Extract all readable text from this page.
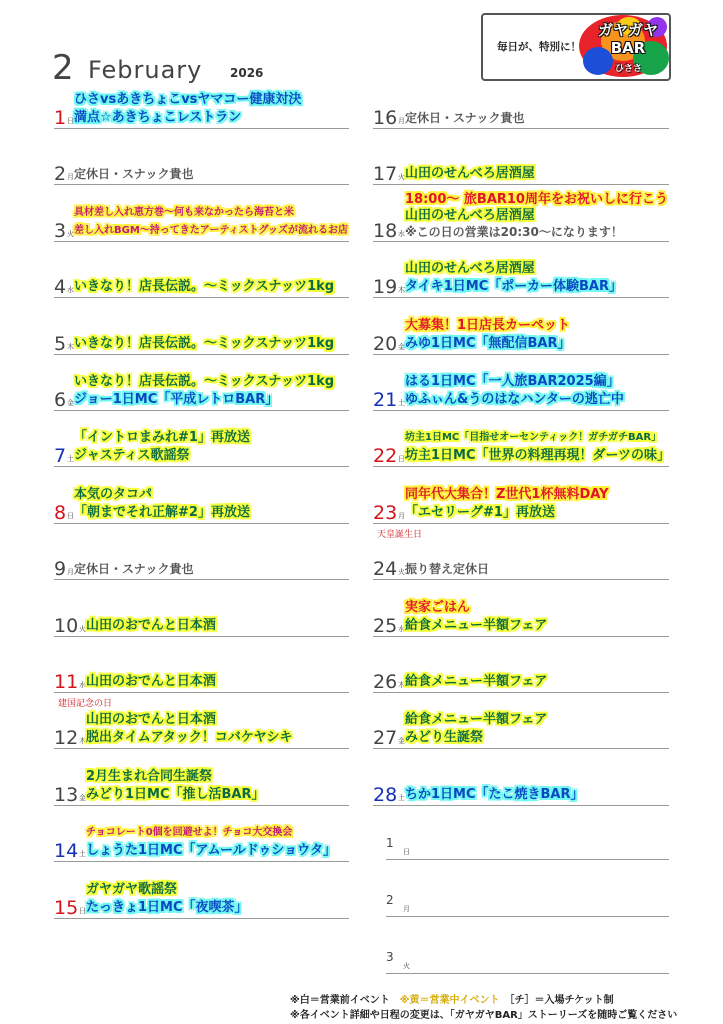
2 February 2026
毎日が、特別に！
ガヤガヤ
BAR
ひささ
1 日
ひさvsあきちょこvsヤマコー健康対決
満点☆あきちょこレストラン
2 月 定休日・スナック貴也
3 火
具材差し入れ恵方巻～何も来なかったら海苔と米
差し入れBGM～持ってきたアーティストグッズが流れるお店
4 水 いきなり！店長伝説。～ミックスナッツ1kg
5 木 いきなり！店長伝説。～ミックスナッツ1kg
6 金
いきなり！店長伝説。～ミックスナッツ1kg
ジョー1日MC「平成レトロBAR」
7 土
「イントロまみれ#1」再放送
ジャスティス歌謡祭
8 日
本気のタコパ
「朝までそれ正解#2」再放送
9 月 定休日・スナック貴也
10 火 山田のおでんと日本酒
11 水
建国記念の日
山田のおでんと日本酒
12 木
山田のおでんと日本酒
脱出タイムアタック！コバケヤシキ
13 金
2月生まれ合同生誕祭
みどり1日MC「推し活BAR」
14 土
チョコレート0個を回避せよ！チョコ大交換会
しょうた1日MC「アムールドゥショウタ」
15 日
ガヤガヤ歌謡祭
たっきょ1日MC「夜喫茶」
16 月 定休日・スナック貴也
17 火 山田のせんべろ居酒屋
18 水
18:00～ 旅BAR10周年をお祝いしに行こう
山田のせんべろ居酒屋
※この日の営業は20:30～になります！
19 木
山田のせんべろ居酒屋
タイキ1日MC「ポーカー体験BAR」
20 金
大募集！1日店長カーペット
みゆ1日MC「無配信BAR」
21 土
はる1日MC「一人旅BAR2025編」
ゆふぃん&うのはなハンターの逃亡中
22 日
坊主1日MC「目指せオーセンティック！ガチガチBAR」
坊主1日MC「世界の料理再現！ダーツの味」
23 月
天皇誕生日
同年代大集合！Z世代1杯無料DAY
「エセリーグ#1」再放送
24 火 振り替え定休日
25 水
実家ごはん
給食メニュー半額フェア
26 木 給食メニュー半額フェア
27 金
給食メニュー半額フェア
みどり生誕祭
28 土 ちか1日MC「たこ焼きBAR」
1
日
2
月
3
火
※白＝営業前イベント　※黄＝営業中イベント　［チ］＝入場チケット制
※各イベント詳細や日程の変更は、「ガヤガヤBAR」ストーリーズを随時ご覧ください
